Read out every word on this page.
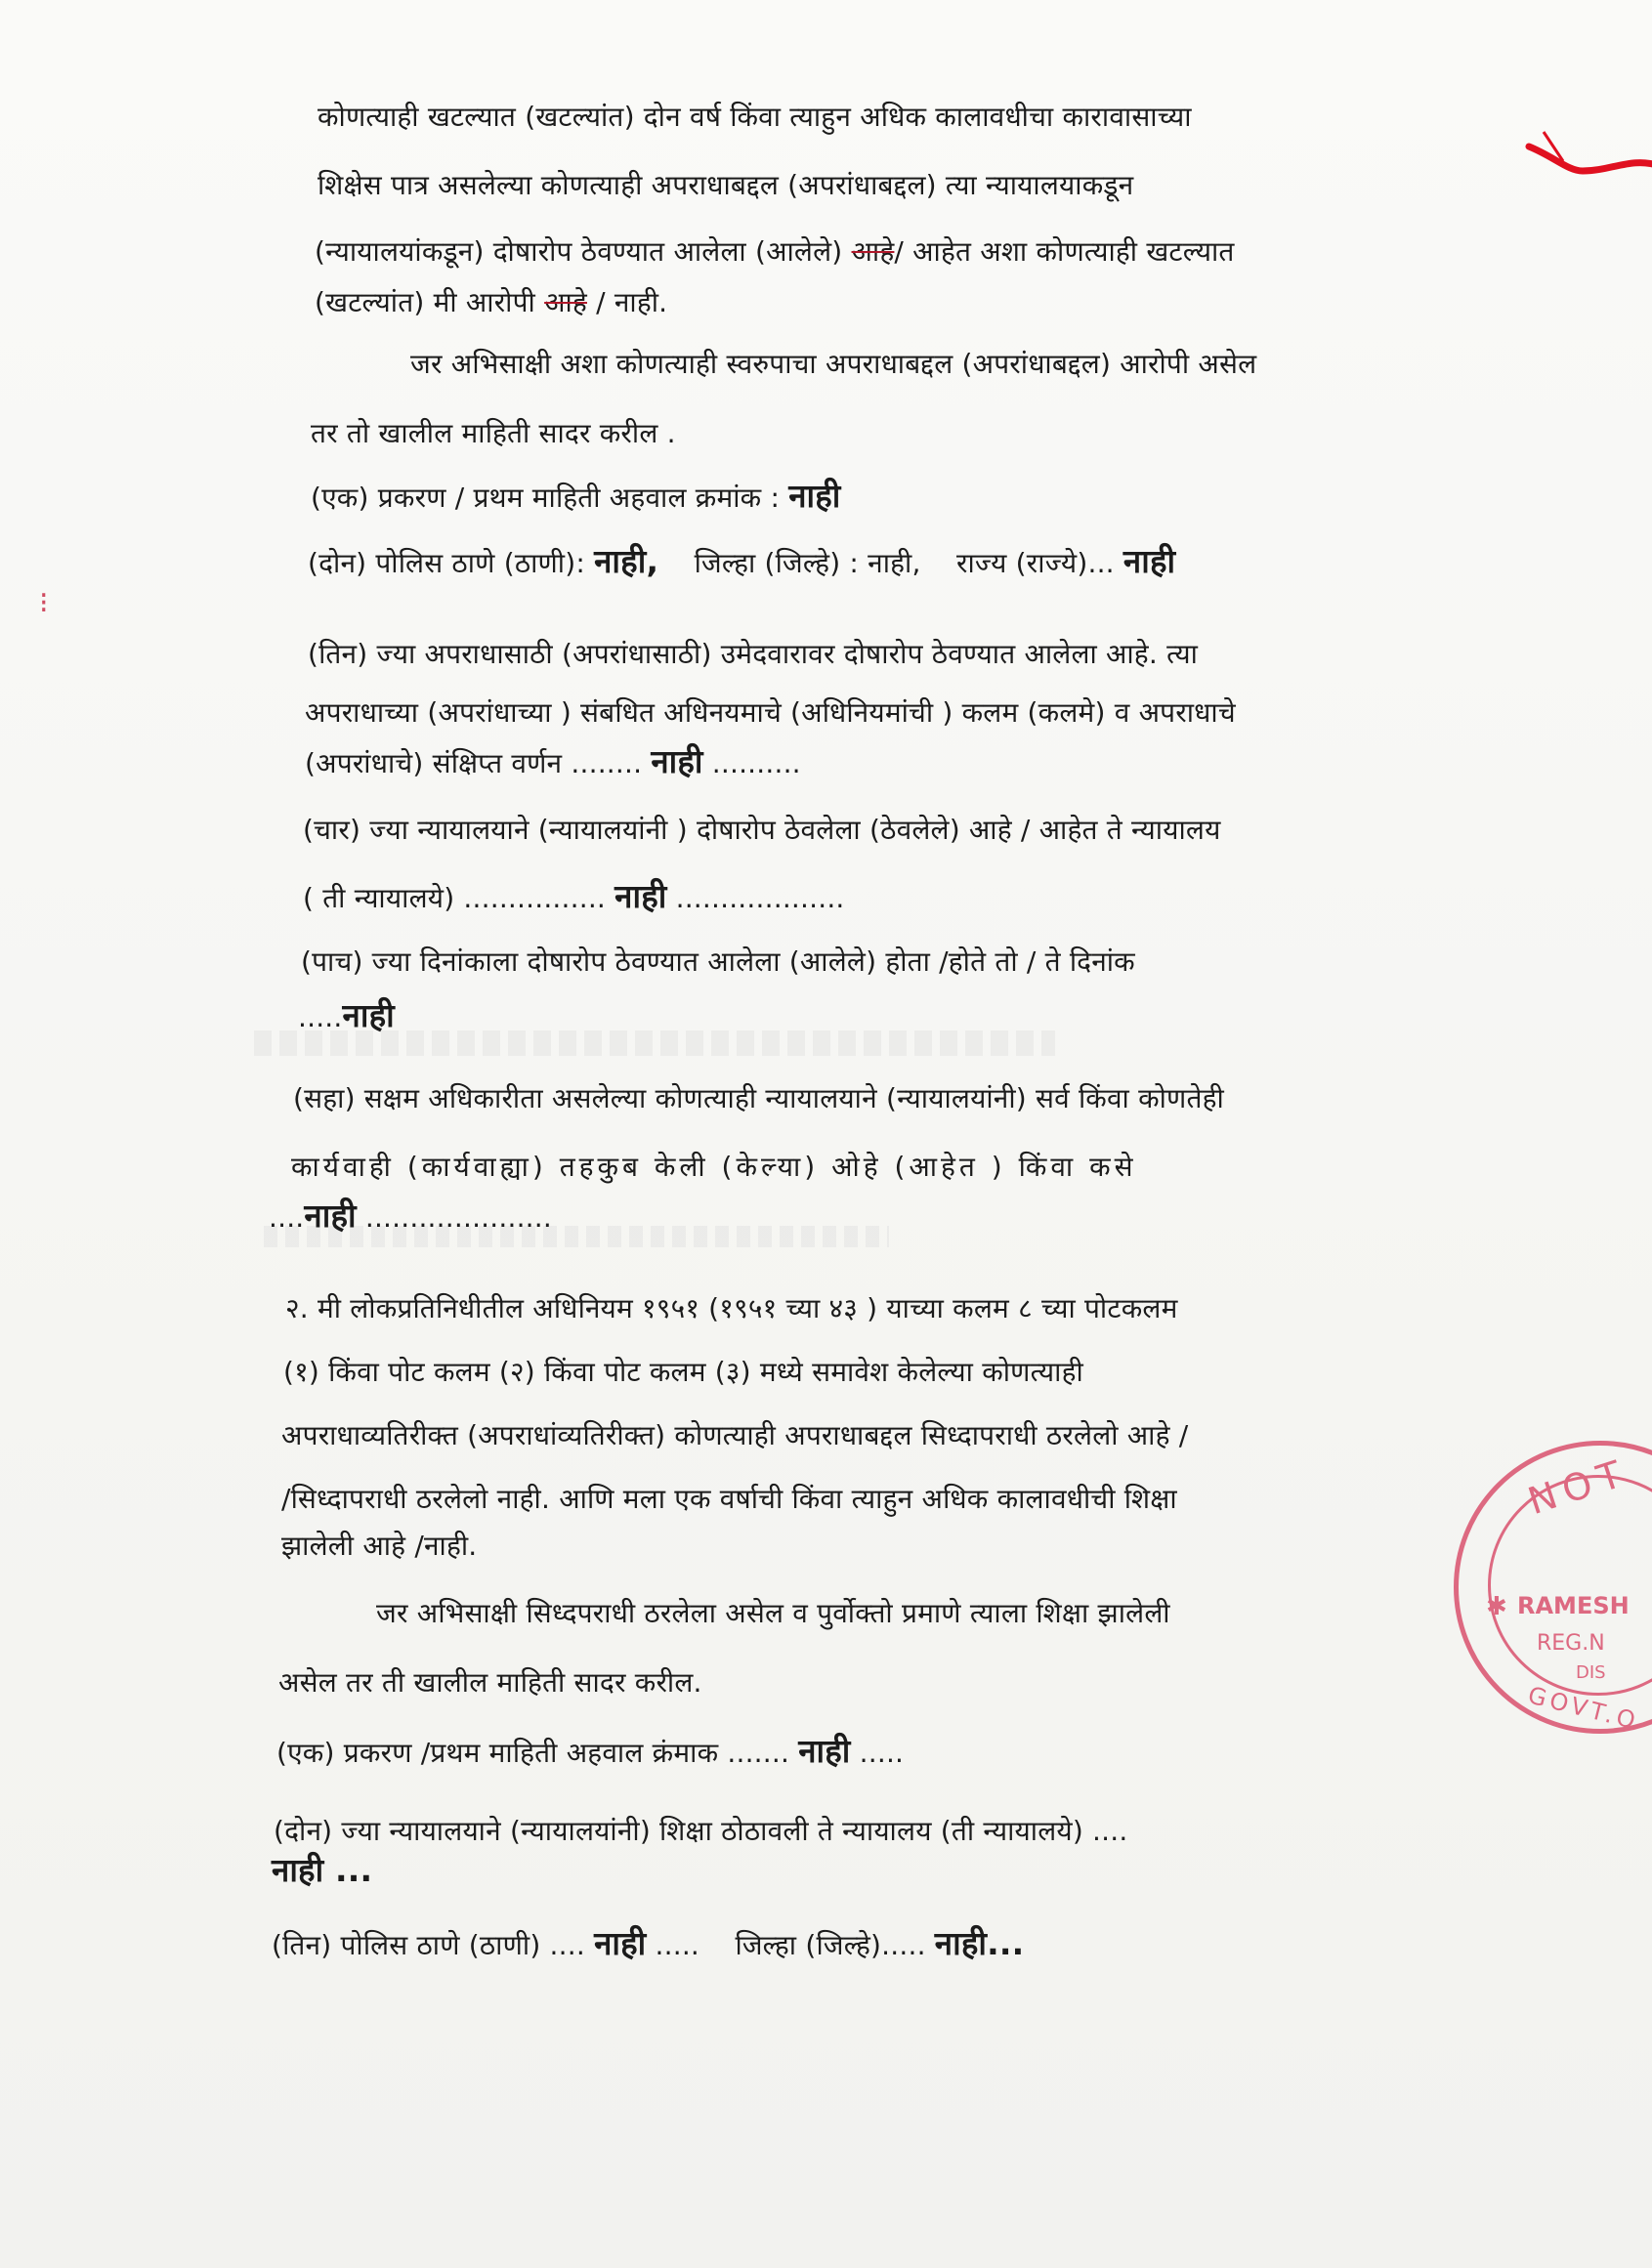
⁝
कोणत्याही खटल्यात (खटल्यांत) दोन वर्ष किंवा त्याहुन अधिक कालावधीचा कारावासाच्या
शिक्षेस पात्र असलेल्या कोणत्याही अपराधाबद्दल (अपरांधाबद्दल) त्या न्यायालयाकडून
(न्यायालयांकडून) दोषारोप ठेवण्यात आलेला (आलेले) आहे/ आहेत अशा कोणत्याही खटल्यात
(खटल्यांत) मी आरोपी आहे / नाही.
जर अभिसाक्षी अशा कोणत्याही स्वरुपाचा अपराधाबद्दल (अपरांधाबद्दल) आरोपी असेल
तर तो खालील माहिती सादर करील .
(एक) प्रकरण / प्रथम माहिती अहवाल क्रमांक : नाही
(दोन) पोलिस ठाणे (ठाणी): नाही, जिल्हा (जिल्हे) : नाही, राज्य (राज्ये)... नाही
(तिन) ज्या अपराधासाठी (अपरांधासाठी) उमेदवारावर दोषारोप ठेवण्यात आलेला आहे. त्या
अपराधाच्या (अपरांधाच्या ) संबधित अधिनयमाचे (अधिनियमांची ) कलम (कलमे) व अपराधाचे
(अपरांधाचे) संक्षिप्त वर्णन ........ नाही ..........
(चार) ज्या न्यायालयाने (न्यायालयांनी ) दोषारोप ठेवलेला (ठेवलेले) आहे / आहेत ते न्यायालय
( ती न्यायालये) ................ नाही ...................
(पाच) ज्या दिनांकाला दोषारोप ठेवण्यात आलेला (आलेले) होता /होते तो / ते दिनांक
.....नाही
(सहा) सक्षम अधिकारीता असलेल्या कोणत्याही न्यायालयाने (न्यायालयांनी) सर्व किंवा कोणतेही
कार्यवाही (कार्यवाह्या) तहकुब केली (केल्या) ओहे (आहेत ) किंवा कसे
....नाही .....................
२. मी लोकप्रतिनिधीतील अधिनियम १९५१ (१९५१ च्या ४३ ) याच्या कलम ८ च्या पोटकलम
(१) किंवा पोट कलम (२) किंवा पोट कलम (३) मध्ये समावेश केलेल्या कोणत्याही
अपराधाव्यतिरीक्त (अपराधांव्यतिरीक्त) कोणत्याही अपराधाबद्दल सिध्दापराधी ठरलेलो आहे /
/सिध्दापराधी ठरलेलो नाही. आणि मला एक वर्षाची किंवा त्याहुन अधिक कालावधीची शिक्षा
झालेली आहे /नाही.
जर अभिसाक्षी सिध्दपराधी ठरलेला असेल व पुर्वोक्तो प्रमाणे त्याला शिक्षा झालेली
असेल तर ती खालील माहिती सादर करील.
(एक) प्रकरण /प्रथम माहिती अहवाल क्रंमाक ....... नाही .....
(दोन) ज्या न्यायालयाने (न्यायालयांनी) शिक्षा ठोठावली ते न्यायालय (ती न्यायालये) ....
नाही ...
(तिन) पोलिस ठाणे (ठाणी) .... नाही ..... जिल्हा (जिल्हे)..... नाही...
NOT
RAMESH
REG.N
DIS
GOVT.O
✱
